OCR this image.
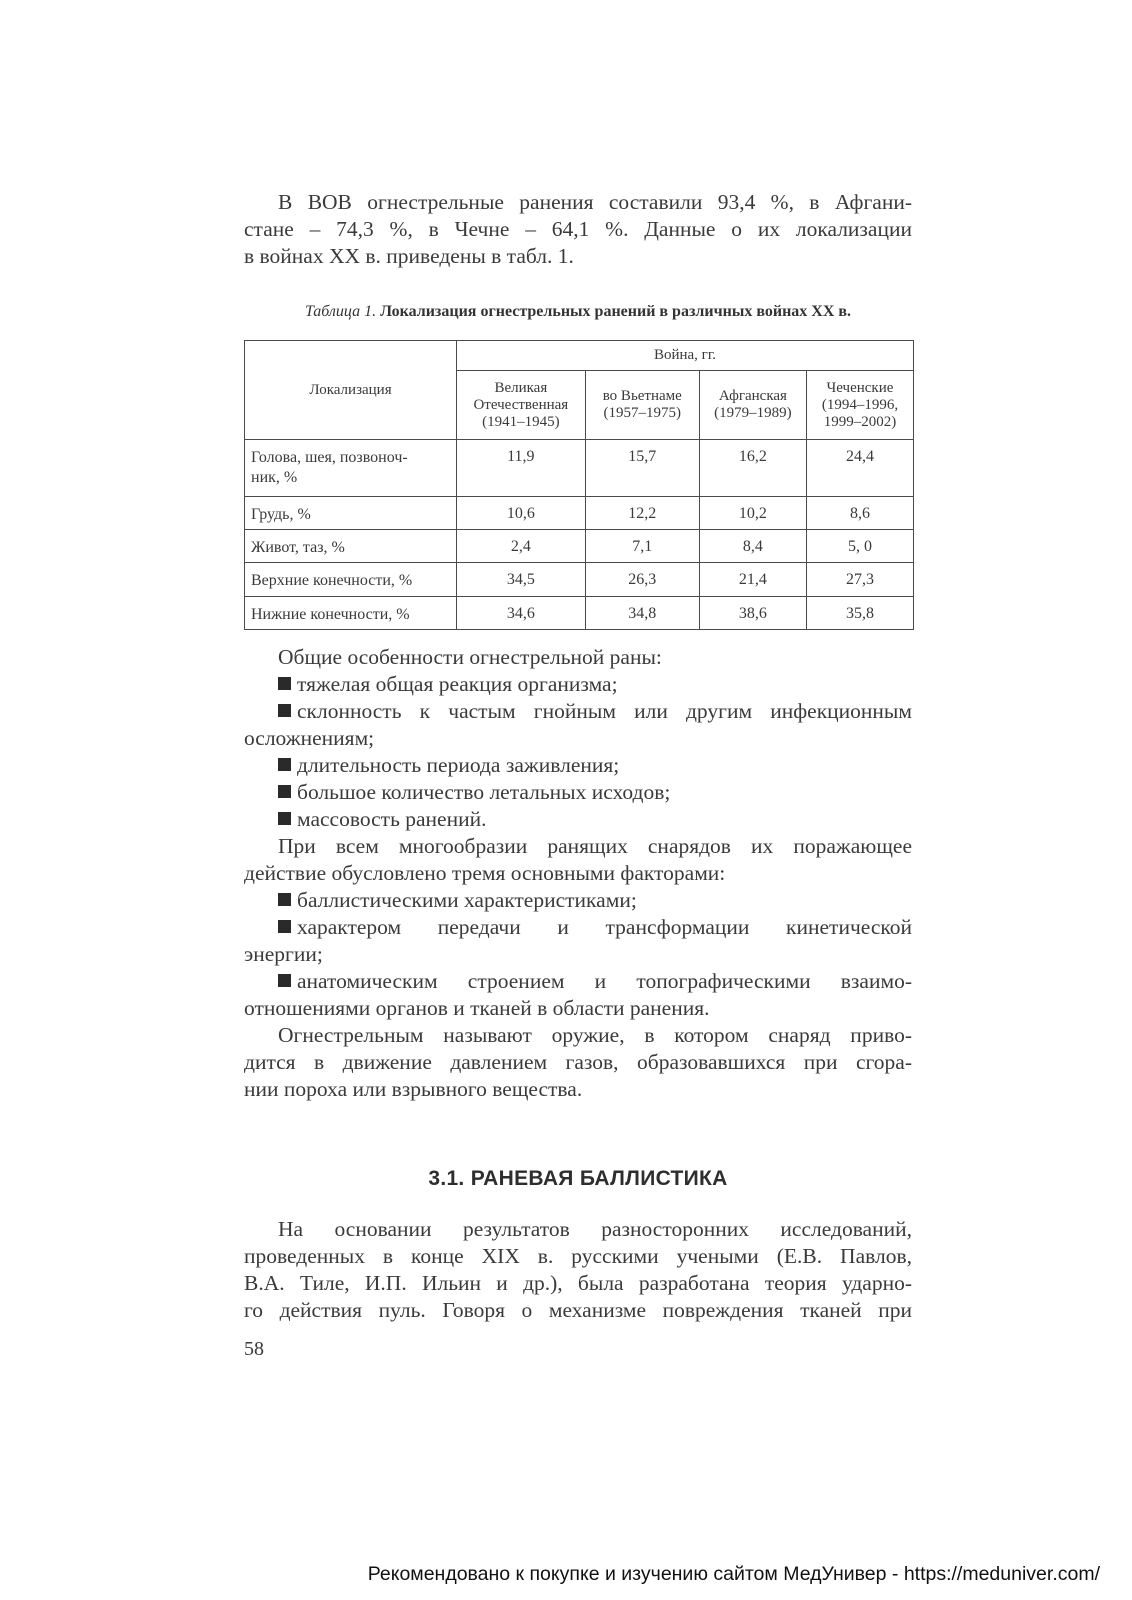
В ВОВ огнестрельные ранения составили 93,4 %, в Афгани-
стане – 74,3 %, в Чечне – 64,1 %. Данные о их локализации
в войнах XX в. приведены в табл. 1.

Таблица 1. Локализация огнестрельных ранений в различных войнах XX в.

Локализация	Война, гг.			

	Великая
Отечественная
(1941–1945)	во Вьетнаме
(1957–1975)	Афганская
(1979–1989)	Чеченские
(1994–1996,
1999–2002)

Голова, шея, позвоноч-
ник, %	11,9	15,7	16,2	24,4
Грудь, %	10,6	12,2	10,2	8,6
Живот, таз, %	2,4	7,1	8,4	5, 0
Верхние конечности, %	34,5	26,3	21,4	27,3
Нижние конечности, %	34,6	34,8	38,6	35,8
Общие особенности огнестрельной раны:
тяжелая общая реакция организма;
склонность к частым гнойным или другим инфекционным
осложнениям;
длительность периода заживления;
большое количество летальных исходов;
массовость ранений.
При всем многообразии ранящих снарядов их поражающее
действие обусловлено тремя основными факторами:
баллистическими характеристиками;
характером передачи и трансформации кинетической
энергии;
анатомическим строением и топографическими взаимо-
отношениями органов и тканей в области ранения.
Огнестрельным называют оружие, в котором снаряд приво-
дится в движение давлением газов, образовавшихся при сгора-
нии пороха или взрывного вещества.
3.1. РАНЕВАЯ БАЛЛИСТИКА
На основании результатов разносторонних исследований,
проведенных в конце XIX в. русскими учеными (Е.В. Павлов,
В.А. Тиле, И.П. Ильин и др.), была разработана теория ударно-
го действия пуль. Говоря о механизме повреждения тканей при
58
Рекомендовано к покупке и изучению сайтом МедУнивер - https://meduniver.com/
